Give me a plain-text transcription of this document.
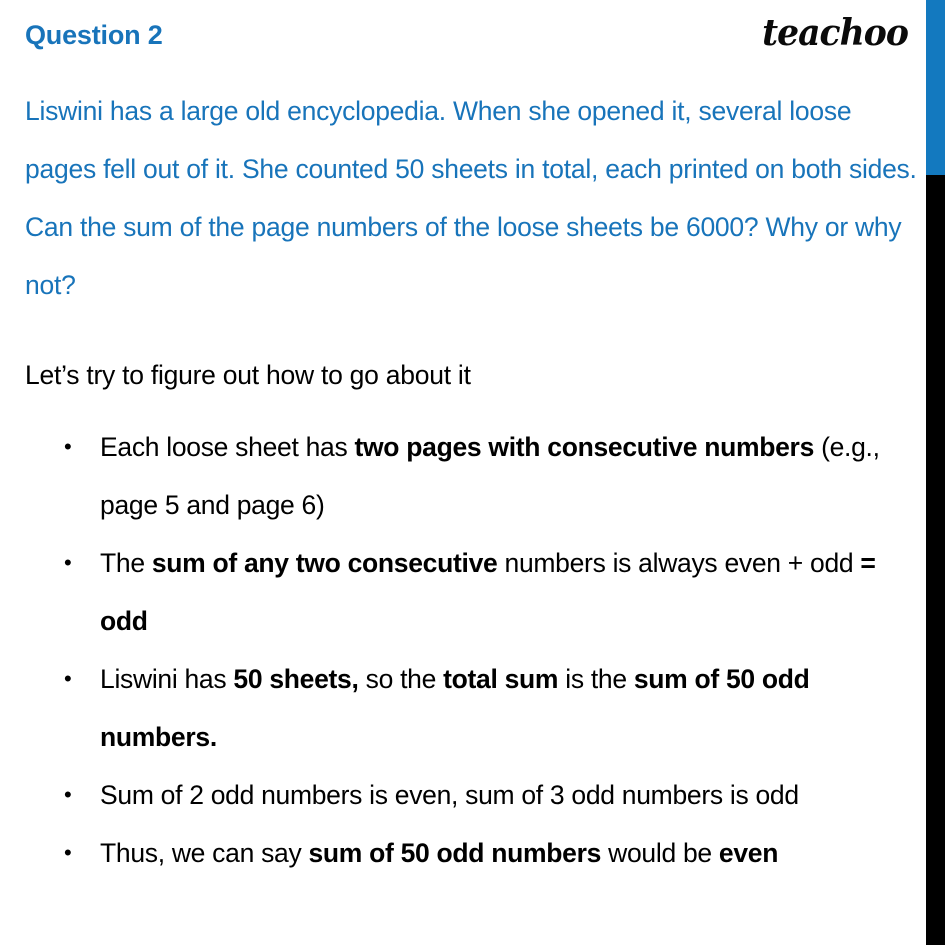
Question 2	teachoo
Liswini has a large old encyclopedia. When she opened it, several loose pages fell out of it. She counted 50 sheets in total, each printed on both sides. Can the sum of the page numbers of the loose sheets be 6000? Why or why not?
Let’s try to figure out how to go about it
• Each loose sheet has two pages with consecutive numbers (e.g., page 5 and page 6)
• The sum of any two consecutive numbers is always even + odd = odd
• Liswini has 50 sheets, so the total sum is the sum of 50 odd numbers.
• Sum of 2 odd numbers is even, sum of 3 odd numbers is odd
• Thus, we can say sum of 50 odd numbers would be even
